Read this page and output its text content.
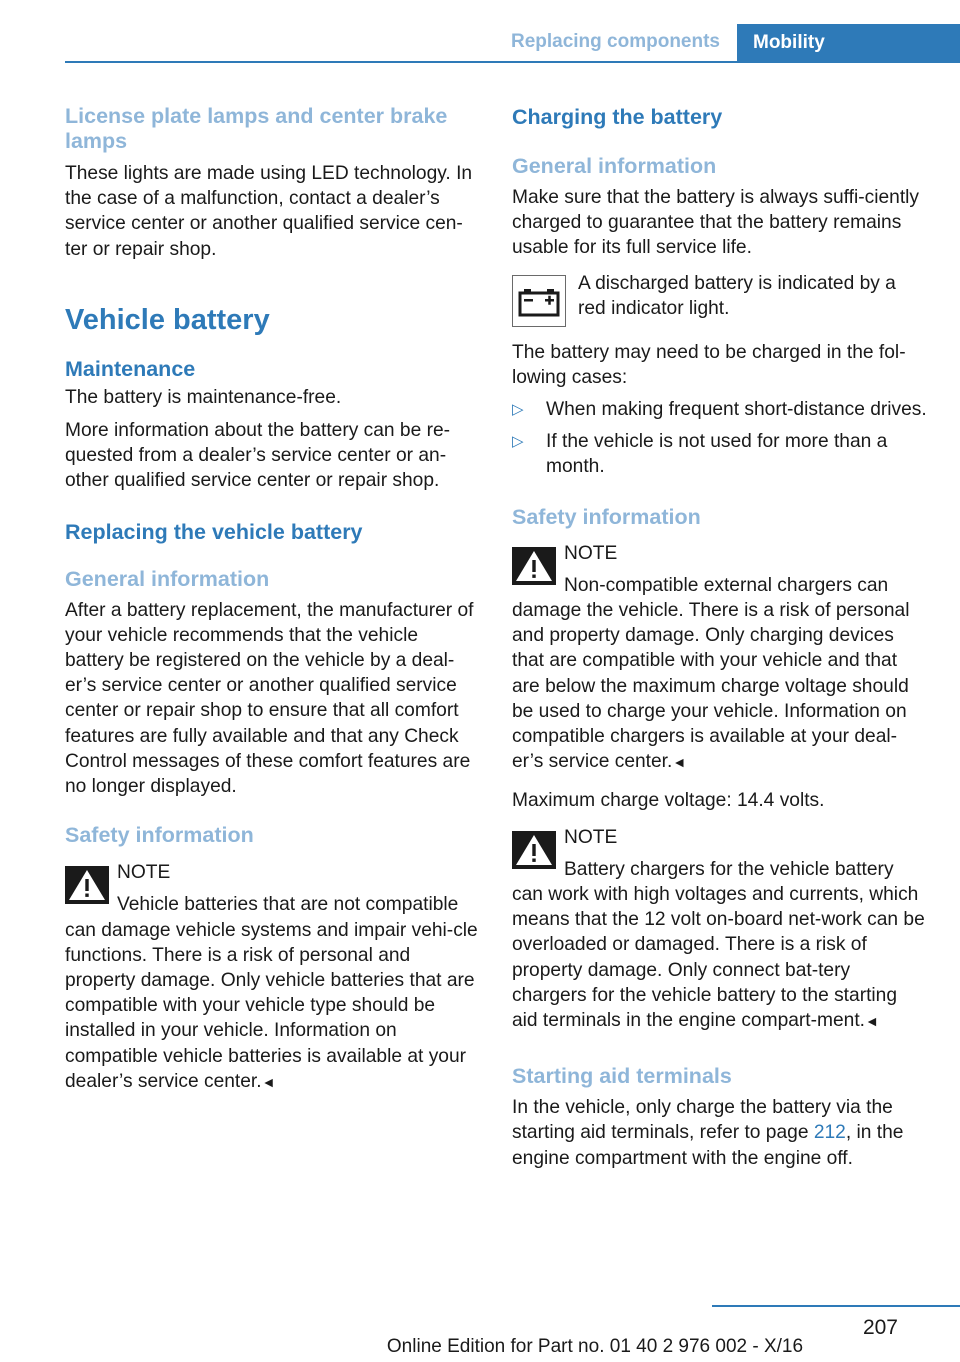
Replacing components	Mobility
License plate lamps and center brake lamps

These lights are made using LED technology. In the case of a malfunction, contact a dealer’s service center or another qualified service cen-ter or repair shop.

Vehicle battery
Maintenance

The battery is maintenance-free.

More information about the battery can be re-quested from a dealer’s service center or an-other qualified service center or repair shop.

Replacing the vehicle battery
General information

After a battery replacement, the manufacturer of your vehicle recommends that the vehicle battery be registered on the vehicle by a deal-er’s service center or another qualified service center or repair shop to ensure that all comfort features are fully available and that any Check Control messages of these comfort features are no longer displayed.

Safety information
NOTE

Vehicle batteries that are not compatible can damage vehicle systems and impair vehi-cle functions. There is a risk of personal and property damage. Only vehicle batteries that are compatible with your vehicle type should be installed in your vehicle. Information on compatible vehicle batteries is available at your dealer’s service center.◄

Charging the battery
General information

Make sure that the battery is always suffi-ciently charged to guarantee that the battery remains usable for its full service life.

A discharged battery is indicated by a red indicator light.

The battery may need to be charged in the fol-lowing cases:

▷ When making frequent short-distance drives.
▷ If the vehicle is not used for more than a month.
Safety information
NOTE

Non-compatible external chargers can damage the vehicle. There is a risk of personal and property damage. Only charging devices that are compatible with your vehicle and that are below the maximum charge voltage should be used to charge your vehicle. Information on compatible chargers is available at your deal-er’s service center.◄

Maximum charge voltage: 14.4 volts.

NOTE

Battery chargers for the vehicle battery can work with high voltages and currents, which means that the 12 volt on-board net-work can be overloaded or damaged. There is a risk of property damage. Only connect bat-tery chargers for the vehicle battery to the starting aid terminals in the engine compart-ment.◄

Starting aid terminals

In the vehicle, only charge the battery via the starting aid terminals, refer to page 212, in the engine compartment with the engine off.

207
Online Edition for Part no. 01 40 2 976 002 - X/16
